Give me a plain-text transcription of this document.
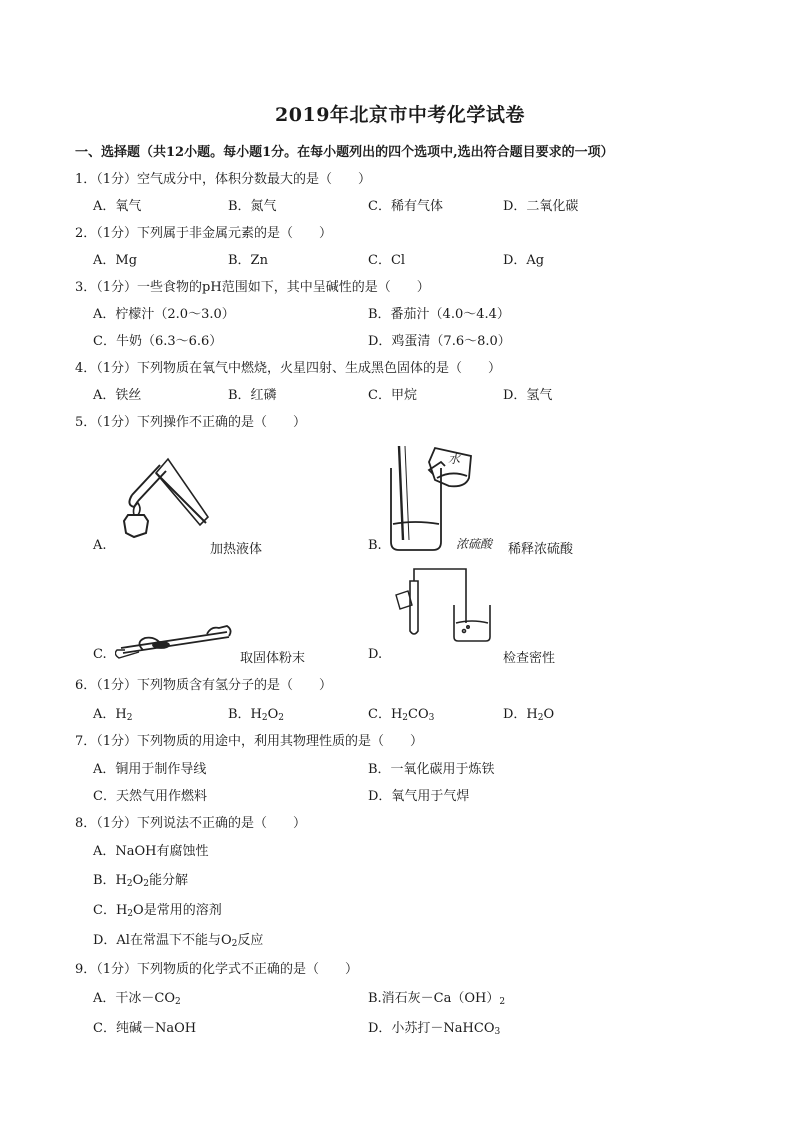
2019年北京市中考化学试卷
一、选择题（共12小题。每小题1分。在每小题列出的四个选项中,选出符合题目要求的一项）
1．（1分）空气成分中，体积分数最大的是（　　）
A．氧气	B．氮气	C．稀有气体	D．二氧化碳
2．（1分）下列属于非金属元素的是（　　）
A．Mg	B．Zn	C．Cl	D．Ag
3．（1分）一些食物的pH范围如下，其中呈碱性的是（　　）
A．柠檬汁（2.0～3.0）	B．番茄汁（4.0～4.4）
C．牛奶（6.3～6.6）	D．鸡蛋清（7.6～8.0）
4．（1分）下列物质在氧气中燃烧，火星四射、生成黑色固体的是（　　）
A．铁丝	B．红磷	C．甲烷	D．氢气
5．（1分）下列操作不正确的是（　　）
A.	加热液体	B.
水
浓硫酸 稀释浓硫酸
C.	取固体粉末	D.	检查密性
6．（1分）下列物质含有氢分子的是（　　）
A．$H_2$	B．$H_2O_2$	C．$H_2CO_3$	D．$H_2O$
7．（1分）下列物质的用途中，利用其物理性质的是（　　）
A．铜用于制作导线	B．一氧化碳用于炼铁
C．天然气用作燃料	D．氧气用于气焊
8．（1分）下列说法不正确的是（　　）
A．NaOH有腐蚀性
B．$H_2O_2$能分解
C．$H_2O$是常用的溶剂
D．Al在常温下不能与$O_2$反应
9．（1分）下列物质的化学式不正确的是（　　）
A．干冰$-CO_2$	B.消石灰$-Ca(OH)_2$
C．纯碱－NaOH	D．小苏打－NaHCO$_3$
